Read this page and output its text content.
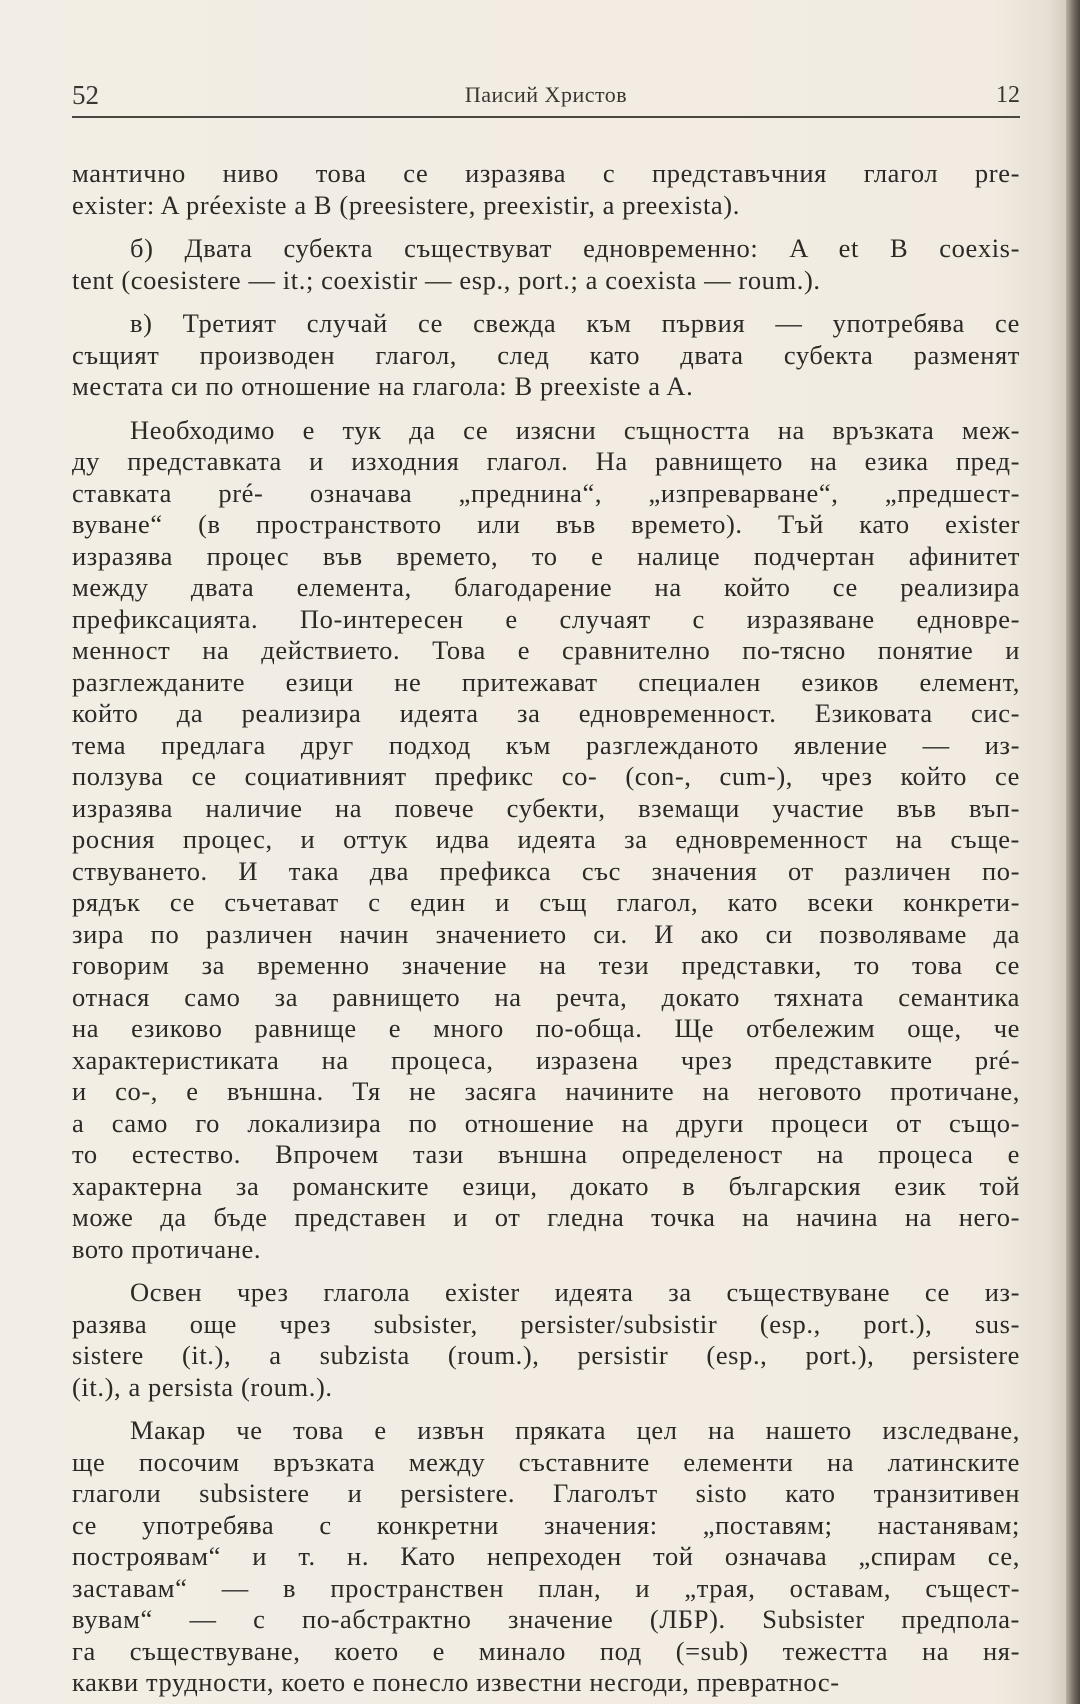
52	Паисий Христов	12
мантично ниво това се изразява с представъчния глагол pre-
exister: A préexiste a B (preesistere, preexistir, a preexista).
б) Двата субекта съществуват едновременно: A et B coexis-
tent (coesistere — it.; coexistir — esp., port.; a coexista — roum.).
в) Третият случай се свежда към първия — употребява се
същият производен глагол, след като двата субекта разменят
местата си по отношение на глагола: B preexiste a A.
Необходимо е тук да се изясни същността на връзката меж-
ду представката и изходния глагол. На равнището на езика пред-
ставката pré- означава „преднина“, „изпреварване“, „предшест-
вуване“ (в пространството или във времето). Тъй като exister
изразява процес във времето, то е налице подчертан афинитет
между двата елемента, благодарение на който се реализира
префиксацията. По-интересен е случаят с изразяване едновре-
менност на действието. Това е сравнително по-тясно понятие и
разглежданите езици не притежават специален езиков елемент,
който да реализира идеята за едновременност. Езиковата сис-
тема предлага друг подход към разглежданото явление — из-
ползува се социативният префикс co- (con-, cum-), чрез който се
изразява наличие на повече субекти, вземащи участие във въп-
росния процес, и оттук идва идеята за едновременност на съще-
ствуването. И така два префикса със значения от различен по-
рядък се съчетават с един и същ глагол, като всеки конкрети-
зира по различен начин значението си. И ако си позволяваме да
говорим за временно значение на тези представки, то това се
отнася само за равнището на речта, докато тяхната семантика
на езиково равнище е много по-обща. Ще отбележим още, че
характеристиката на процеса, изразена чрез представките pré-
и co-, е външна. Тя не засяга начините на неговото протичане,
а само го локализира по отношение на други процеси от също-
то естество. Впрочем тази външна определеност на процеса е
характерна за романските езици, докато в българския език той
може да бъде представен и от гледна точка на начина на него-
вото протичане.
Освен чрез глагола exister идеята за съществуване се из-
разява още чрез subsister, persister/subsistir (esp., port.), sus-
sistere (it.), a subzista (roum.), persistir (esp., port.), persistere
(it.), a persista (roum.).
Макар че това е извън пряката цел на нашето изследване,
ще посочим връзката между съставните елементи на латинските
глаголи subsistere и persistere. Глаголът sisto като транзитивен
се употребява с конкретни значения: „поставям; настанявам;
построявам“ и т. н. Като непреходен той означава „спирам се,
заставам“ — в пространствен план, и „трая, оставам, същест-
вувам“ — с по-абстрактно значение (ЛБР). Subsister предпола-
га съществуване, което е минало под (=sub) тежестта на ня-
какви трудности, което е понесло известни несгоди, превратнос-
